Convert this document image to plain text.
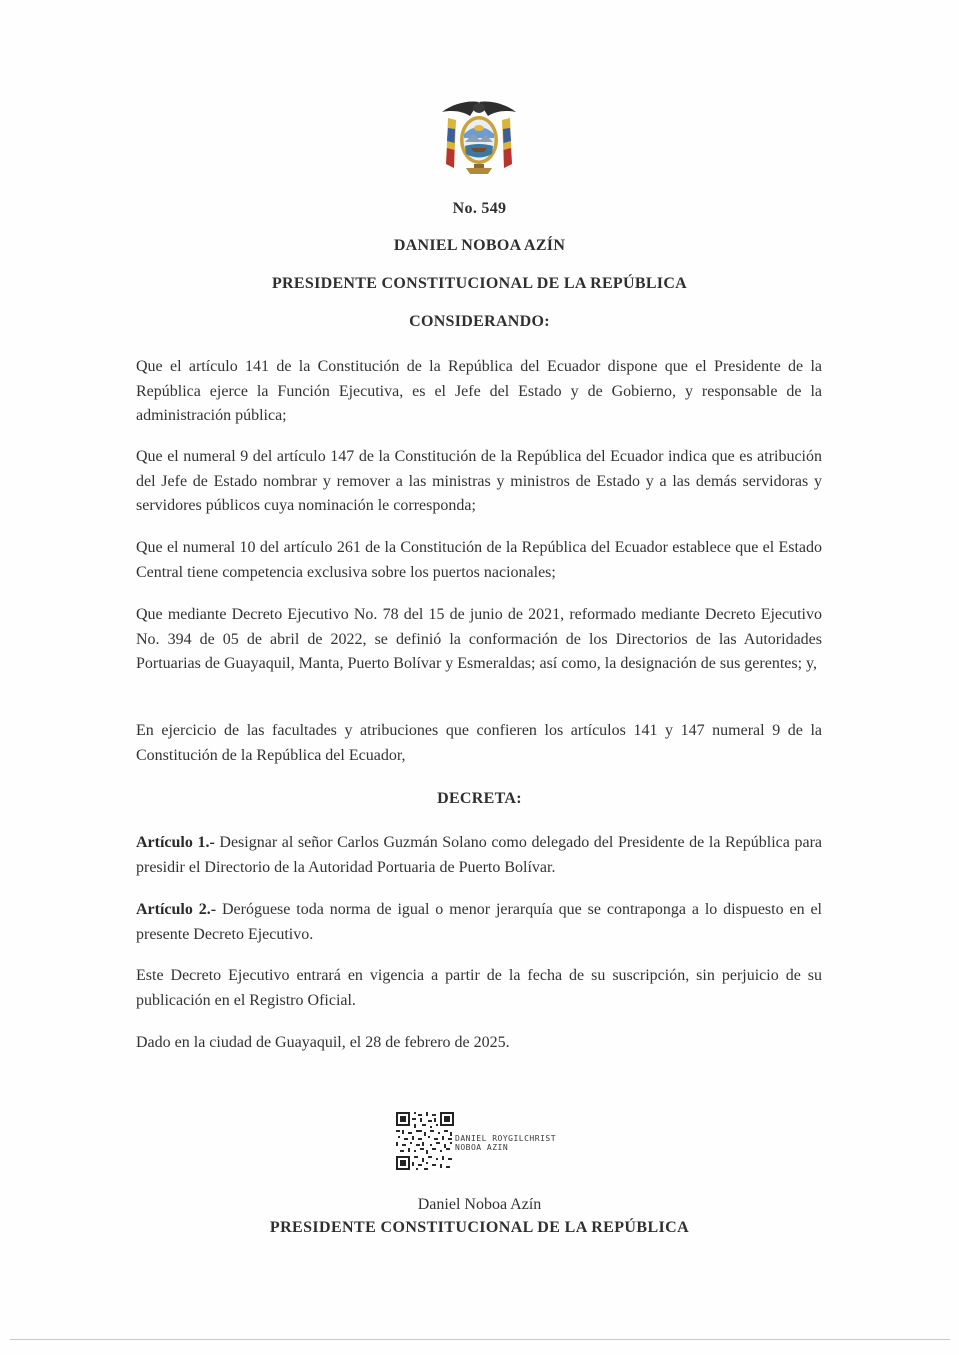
No. 549
DANIEL NOBOA AZÍN
PRESIDENTE CONSTITUCIONAL DE LA REPÚBLICA
CONSIDERANDO:
Que el artículo 141 de la Constitución de la República del Ecuador dispone que el Presidente de la República ejerce la Función Ejecutiva, es el Jefe del Estado y de Gobierno, y responsable de la administración pública;
Que el numeral 9 del artículo 147 de la Constitución de la República del Ecuador indica que es atribución del Jefe de Estado nombrar y remover a las ministras y ministros de Estado y a las demás servidoras y servidores públicos cuya nominación le corresponda;
Que el numeral 10 del artículo 261 de la Constitución de la República del Ecuador establece que el Estado Central tiene competencia exclusiva sobre los puertos nacionales;
Que mediante Decreto Ejecutivo No. 78 del 15 de junio de 2021, reformado mediante Decreto Ejecutivo No. 394 de 05 de abril de 2022, se definió la conformación de los Directorios de las Autoridades Portuarias de Guayaquil, Manta, Puerto Bolívar y Esmeraldas; así como, la designación de sus gerentes; y,
En ejercicio de las facultades y atribuciones que confieren los artículos 141 y 147 numeral 9 de la Constitución de la República del Ecuador,
DECRETA:
Artículo 1.- Designar al señor Carlos Guzmán Solano como delegado del Presidente de la República para presidir el Directorio de la Autoridad Portuaria de Puerto Bolívar.
Artículo 2.- Deróguese toda norma de igual o menor jerarquía que se contraponga a lo dispuesto en el presente Decreto Ejecutivo.
Este Decreto Ejecutivo entrará en vigencia a partir de la fecha de su suscripción, sin perjuicio de su publicación en el Registro Oficial.
Dado en la ciudad de Guayaquil, el 28 de febrero de 2025.
DANIEL ROYGILCHRIST
NOBOA AZIN
Daniel Noboa Azín
PRESIDENTE CONSTITUCIONAL DE LA REPÚBLICA
